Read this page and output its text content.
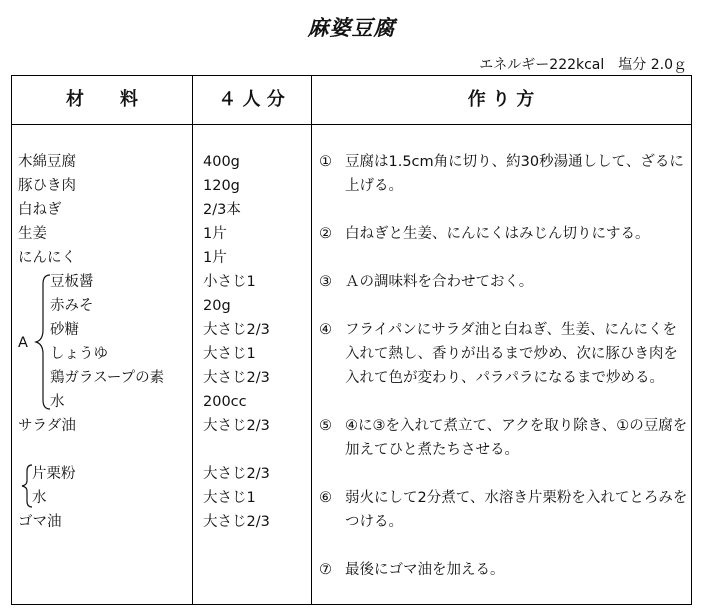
麻婆豆腐
エネルギー222kcal　塩分 2.0ｇ
材　　料	４ 人 分	作 り 方
木綿豆腐	400g
豚ひき肉	120g
白ねぎ	2/3本
生姜	1片
にんにく	1片
A
豆板醤	小さじ1
赤みそ	20g
砂糖	大さじ2/3
しょうゆ	大さじ1
鶏ガラスープの素	大さじ2/3
水	200cc
サラダ油	大さじ2/3
片栗粉	大さじ2/3
水	大さじ1
ゴマ油	大さじ2/3
① 豆腐は1.5cm角に切り、約30秒湯通しして、ざるに上げる。
② 白ねぎと生姜、にんにくはみじん切りにする。
③ Ａの調味料を合わせておく。
④ フライパンにサラダ油と白ねぎ、生姜、にんにくを入れて熱し、香りが出るまで炒め、次に豚ひき肉を入れて色が変わり、パラパラになるまで炒める。
⑤ ④に③を入れて煮立て、アクを取り除き、①の豆腐を加えてひと煮たちさせる。
⑥ 弱火にして2分煮て、水溶き片栗粉を入れてとろみをつける。
⑦ 最後にゴマ油を加える。
